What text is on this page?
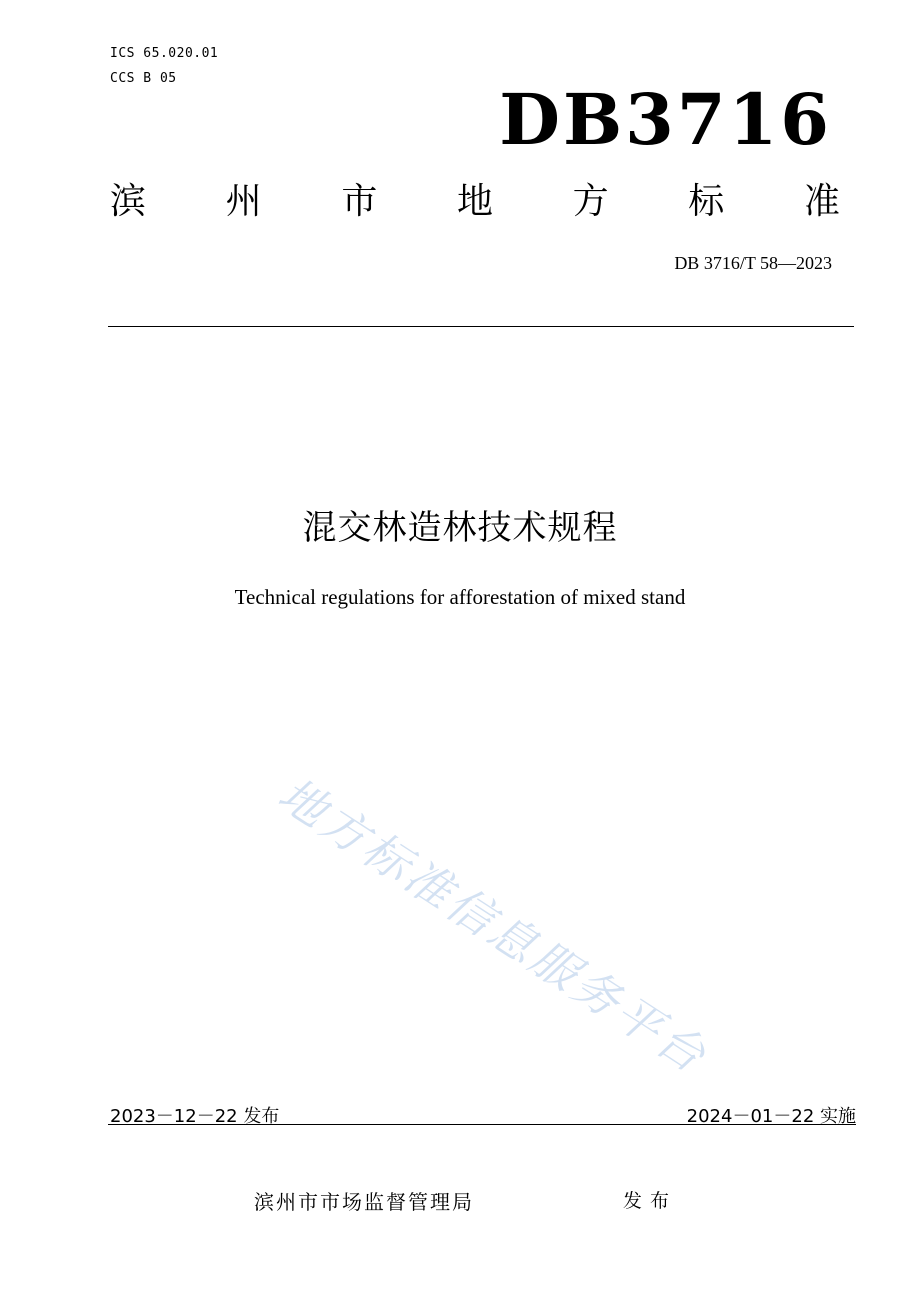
ICS 65.020.01
CCS B 05	DB3716
滨 州 市 地 方 标 准
DB 3716/T 58—2023
混交林造林技术规程
Technical regulations for afforestation of mixed stand
地方标准信息服务平台
2023－12－22 发布	2024－01－22 实施
滨州市市场监督管理局	发布
